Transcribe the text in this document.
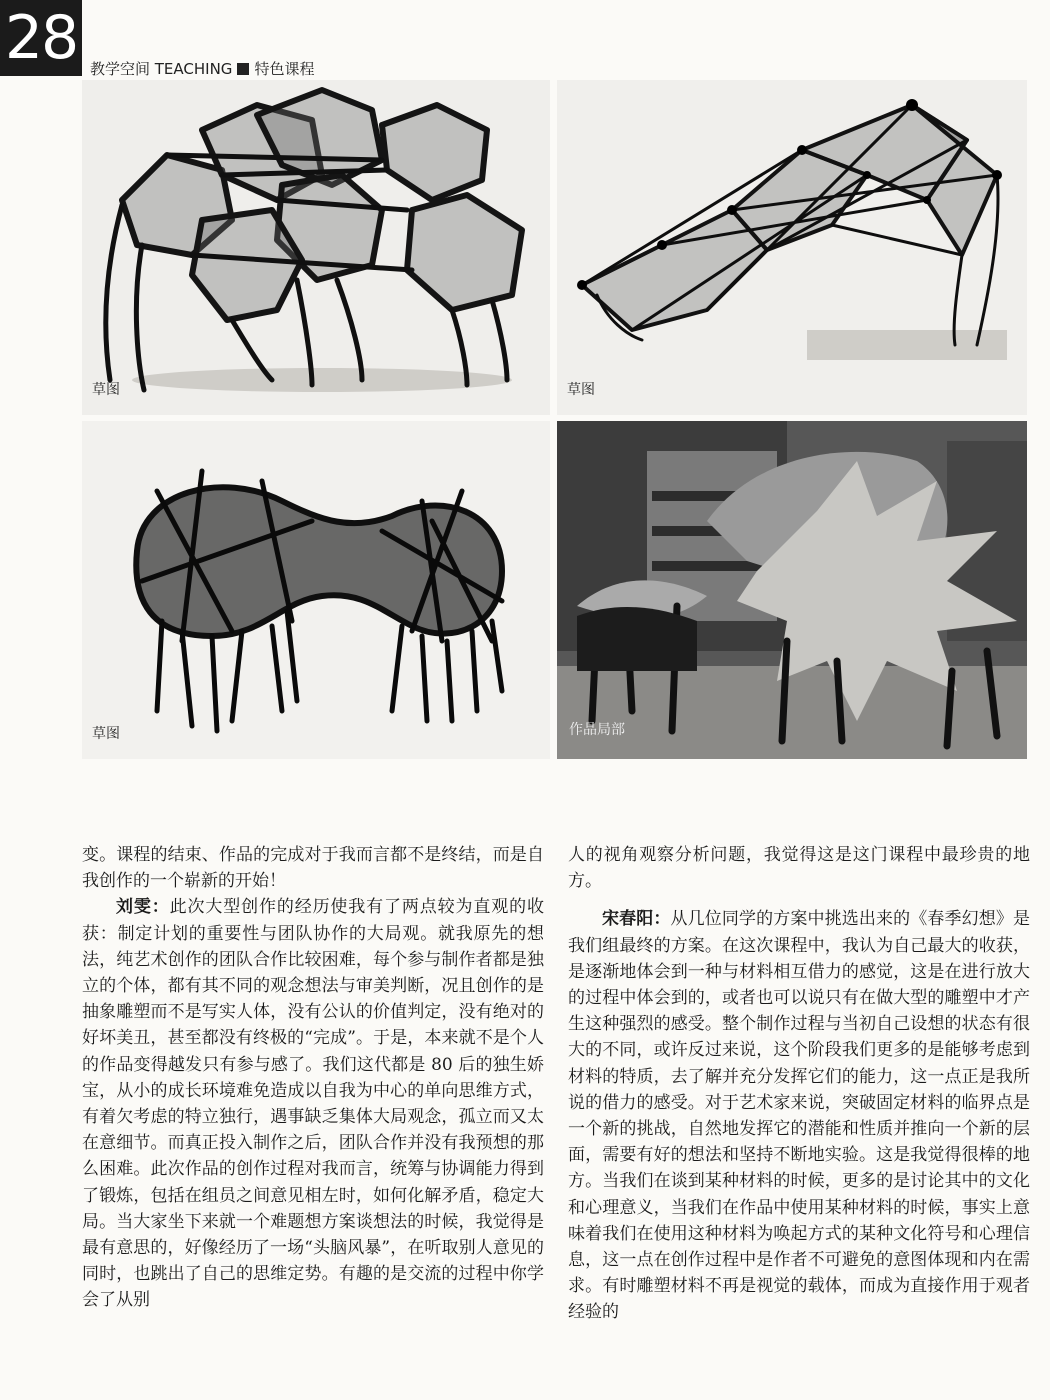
28 教学空间 TEACHING 特色课程
草图	草图
草图	作品局部

变。课程的结束、作品的完成对于我而言都不是终结，而是自我创作的一个崭新的开始！

刘雯：此次大型创作的经历使我有了两点较为直观的收获：制定计划的重要性与团队协作的大局观。就我原先的想法，纯艺术创作的团队合作比较困难，每个参与制作者都是独立的个体，都有其不同的观念想法与审美判断，况且创作的是抽象雕塑而不是写实人体，没有公认的价值判定，没有绝对的好坏美丑，甚至都没有终极的“完成”。于是，本来就不是个人的作品变得越发只有参与感了。我们这代都是 80 后的独生娇宝，从小的成长环境难免造成以自我为中心的单向思维方式，有着欠考虑的特立独行，遇事缺乏集体大局观念，孤立而又太在意细节。而真正投入制作之后，团队合作并没有我预想的那么困难。此次作品的创作过程对我而言，统筹与协调能力得到了锻炼，包括在组员之间意见相左时，如何化解矛盾，稳定大局。当大家坐下来就一个难题想方案谈想法的时候，我觉得是最有意思的，好像经历了一场“头脑风暴”，在听取别人意见的同时，也跳出了自己的思维定势。有趣的是交流的过程中你学会了从别

人的视角观察分析问题，我觉得这是这门课程中最珍贵的地方。

宋春阳：从几位同学的方案中挑选出来的《春季幻想》是我们组最终的方案。在这次课程中，我认为自己最大的收获，是逐渐地体会到一种与材料相互借力的感觉，这是在进行放大的过程中体会到的，或者也可以说只有在做大型的雕塑中才产生这种强烈的感受。整个制作过程与当初自己设想的状态有很大的不同，或许反过来说，这个阶段我们更多的是能够考虑到材料的特质，去了解并充分发挥它们的能力，这一点正是我所说的借力的感受。对于艺术家来说，突破固定材料的临界点是一个新的挑战，自然地发挥它的潜能和性质并推向一个新的层面，需要有好的想法和坚持不断地实验。这是我觉得很棒的地方。当我们在谈到某种材料的时候，更多的是讨论其中的文化和心理意义，当我们在作品中使用某种材料的时候，事实上意味着我们在使用这种材料为唤起方式的某种文化符号和心理信息，这一点在创作过程中是作者不可避免的意图体现和内在需求。有时雕塑材料不再是视觉的载体，而成为直接作用于观者经验的
